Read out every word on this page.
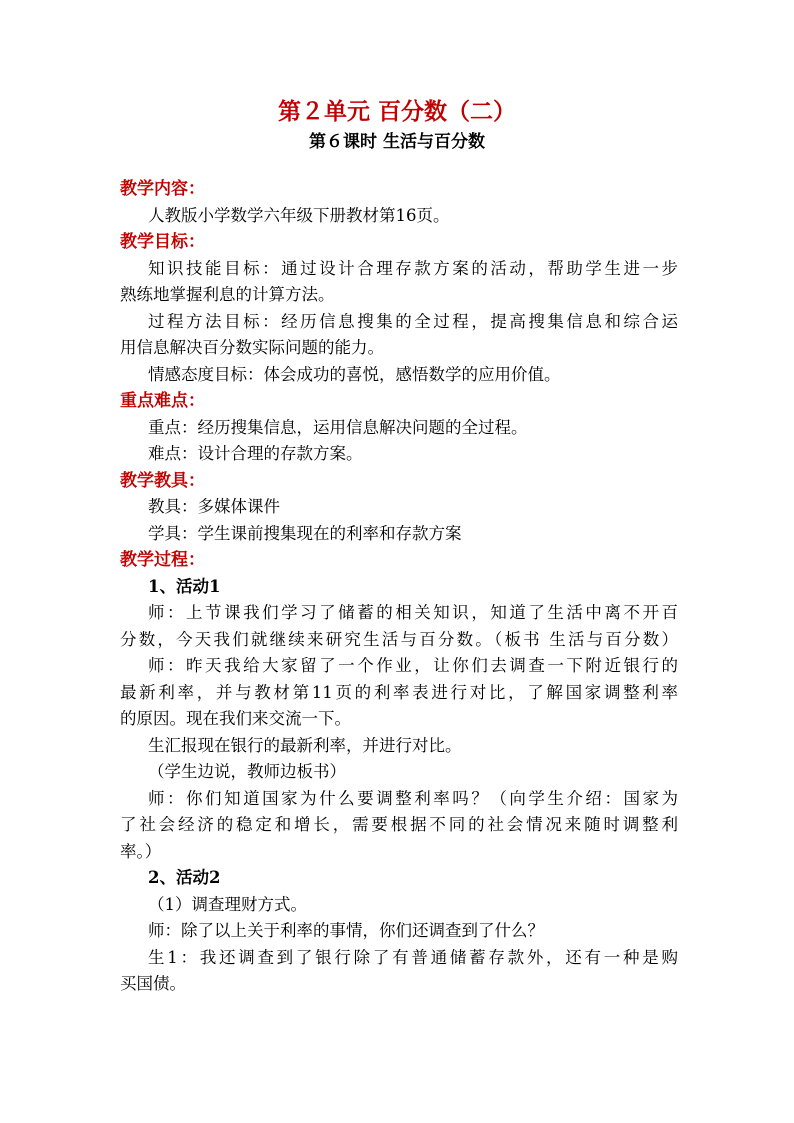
第２单元 百分数（二）
第６课时 生活与百分数
教学内容：
人教版小学数学六年级下册教材第16页。
教学目标：
知识技能目标：通过设计合理存款方案的活动，帮助学生进一步
熟练地掌握利息的计算方法。
过程方法目标：经历信息搜集的全过程，提高搜集信息和综合运
用信息解决百分数实际问题的能力。
情感态度目标：体会成功的喜悦，感悟数学的应用价值。
重点难点：
重点：经历搜集信息，运用信息解决问题的全过程。
难点：设计合理的存款方案。
教学教具：
教具：多媒体课件
学具：学生课前搜集现在的利率和存款方案
教学过程：
1、活动1
师：上节课我们学习了储蓄的相关知识，知道了生活中离不开百
分数，今天我们就继续来研究生活与百分数。（板书 生活与百分数）
师：昨天我给大家留了一个作业，让你们去调查一下附近银行的
最新利率，并与教材第11页的利率表进行对比，了解国家调整利率
的原因。现在我们来交流一下。
生汇报现在银行的最新利率，并进行对比。
（学生边说，教师边板书）
师：你们知道国家为什么要调整利率吗？（向学生介绍：国家为
了社会经济的稳定和增长，需要根据不同的社会情况来随时调整利
率。）
2、活动2
（1）调查理财方式。
师：除了以上关于利率的事情，你们还调查到了什么？
生1：我还调查到了银行除了有普通储蓄存款外，还有一种是购
买国债。
